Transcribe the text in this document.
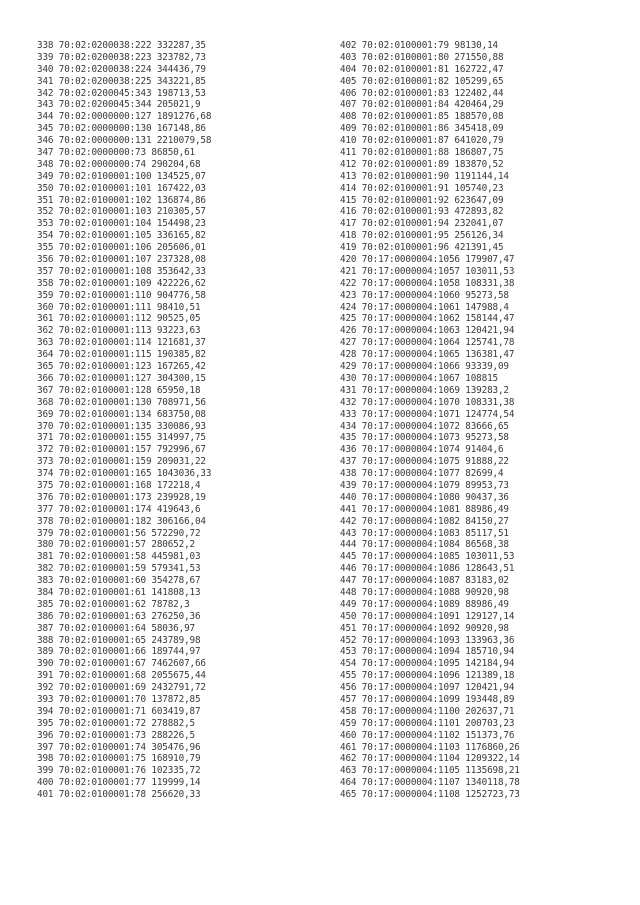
338 70:02:0200038:222 332287,35
339 70:02:0200038:223 323782,73
340 70:02:0200038:224 344436,79
341 70:02:0200038:225 343221,85
342 70:02:0200045:343 198713,53
343 70:02:0200045:344 205021,9
344 70:02:0000000:127 1891276,68
345 70:02:0000000:130 167148,86
346 70:02:0000000:131 2210079,58
347 70:02:0000000:73 86850,61
348 70:02:0000000:74 290204,68
349 70:02:0100001:100 134525,07
350 70:02:0100001:101 167422,03
351 70:02:0100001:102 136874,86
352 70:02:0100001:103 210305,57
353 70:02:0100001:104 154498,23
354 70:02:0100001:105 336165,82
355 70:02:0100001:106 205606,01
356 70:02:0100001:107 237328,08
357 70:02:0100001:108 353642,33
358 70:02:0100001:109 422226,62
359 70:02:0100001:110 904776,58
360 70:02:0100001:111 98410,51
361 70:02:0100001:112 90525,05
362 70:02:0100001:113 93223,63
363 70:02:0100001:114 121681,37
364 70:02:0100001:115 190385,82
365 70:02:0100001:123 167265,42
366 70:02:0100001:127 304300,15
367 70:02:0100001:128 65950,18
368 70:02:0100001:130 708971,56
369 70:02:0100001:134 683750,08
370 70:02:0100001:135 330086,93
371 70:02:0100001:155 314997,75
372 70:02:0100001:157 792996,67
373 70:02:0100001:159 209031,22
374 70:02:0100001:165 1043036,33
375 70:02:0100001:168 172218,4
376 70:02:0100001:173 239928,19
377 70:02:0100001:174 419643,6
378 70:02:0100001:182 306166,04
379 70:02:0100001:56 572290,72
380 70:02:0100001:57 280652,2
381 70:02:0100001:58 445981,03
382 70:02:0100001:59 579341,53
383 70:02:0100001:60 354278,67
384 70:02:0100001:61 141808,13
385 70:02:0100001:62 78782,3
386 70:02:0100001:63 276250,36
387 70:02:0100001:64 58036,97
388 70:02:0100001:65 243789,98
389 70:02:0100001:66 189744,97
390 70:02:0100001:67 7462607,66
391 70:02:0100001:68 2055675,44
392 70:02:0100001:69 2432791,72
393 70:02:0100001:70 137872,85
394 70:02:0100001:71 603419,87
395 70:02:0100001:72 278882,5
396 70:02:0100001:73 288226,5
397 70:02:0100001:74 305476,96
398 70:02:0100001:75 168910,79
399 70:02:0100001:76 102335,72
400 70:02:0100001:77 119999,14
401 70:02:0100001:78 256620,33
402 70:02:0100001:79 98130,14
403 70:02:0100001:80 271550,88
404 70:02:0100001:81 162722,47
405 70:02:0100001:82 105299,65
406 70:02:0100001:83 122402,44
407 70:02:0100001:84 420464,29
408 70:02:0100001:85 188570,08
409 70:02:0100001:86 345418,09
410 70:02:0100001:87 641020,79
411 70:02:0100001:88 186807,75
412 70:02:0100001:89 183870,52
413 70:02:0100001:90 1191144,14
414 70:02:0100001:91 105740,23
415 70:02:0100001:92 623647,09
416 70:02:0100001:93 472893,82
417 70:02:0100001:94 232041,07
418 70:02:0100001:95 256126,34
419 70:02:0100001:96 421391,45
420 70:17:0000004:1056 179907,47
421 70:17:0000004:1057 103011,53
422 70:17:0000004:1058 108331,38
423 70:17:0000004:1060 95273,58
424 70:17:0000004:1061 147988,4
425 70:17:0000004:1062 158144,47
426 70:17:0000004:1063 120421,94
427 70:17:0000004:1064 125741,78
428 70:17:0000004:1065 136381,47
429 70:17:0000004:1066 93339,09
430 70:17:0000004:1067 108815
431 70:17:0000004:1069 139283,2
432 70:17:0000004:1070 108331,38
433 70:17:0000004:1071 124774,54
434 70:17:0000004:1072 83666,65
435 70:17:0000004:1073 95273,58
436 70:17:0000004:1074 91404,6
437 70:17:0000004:1075 91888,22
438 70:17:0000004:1077 82699,4
439 70:17:0000004:1079 89953,73
440 70:17:0000004:1080 90437,36
441 70:17:0000004:1081 88986,49
442 70:17:0000004:1082 84150,27
443 70:17:0000004:1083 85117,51
444 70:17:0000004:1084 86568,38
445 70:17:0000004:1085 103011,53
446 70:17:0000004:1086 128643,51
447 70:17:0000004:1087 83183,02
448 70:17:0000004:1088 90920,98
449 70:17:0000004:1089 88986,49
450 70:17:0000004:1091 129127,14
451 70:17:0000004:1092 90920,98
452 70:17:0000004:1093 133963,36
453 70:17:0000004:1094 185710,94
454 70:17:0000004:1095 142184,94
455 70:17:0000004:1096 121389,18
456 70:17:0000004:1097 120421,94
457 70:17:0000004:1099 193448,89
458 70:17:0000004:1100 202637,71
459 70:17:0000004:1101 200703,23
460 70:17:0000004:1102 151373,76
461 70:17:0000004:1103 1176860,26
462 70:17:0000004:1104 1209322,14
463 70:17:0000004:1105 1135698,21
464 70:17:0000004:1107 1340118,78
465 70:17:0000004:1108 1252723,73
